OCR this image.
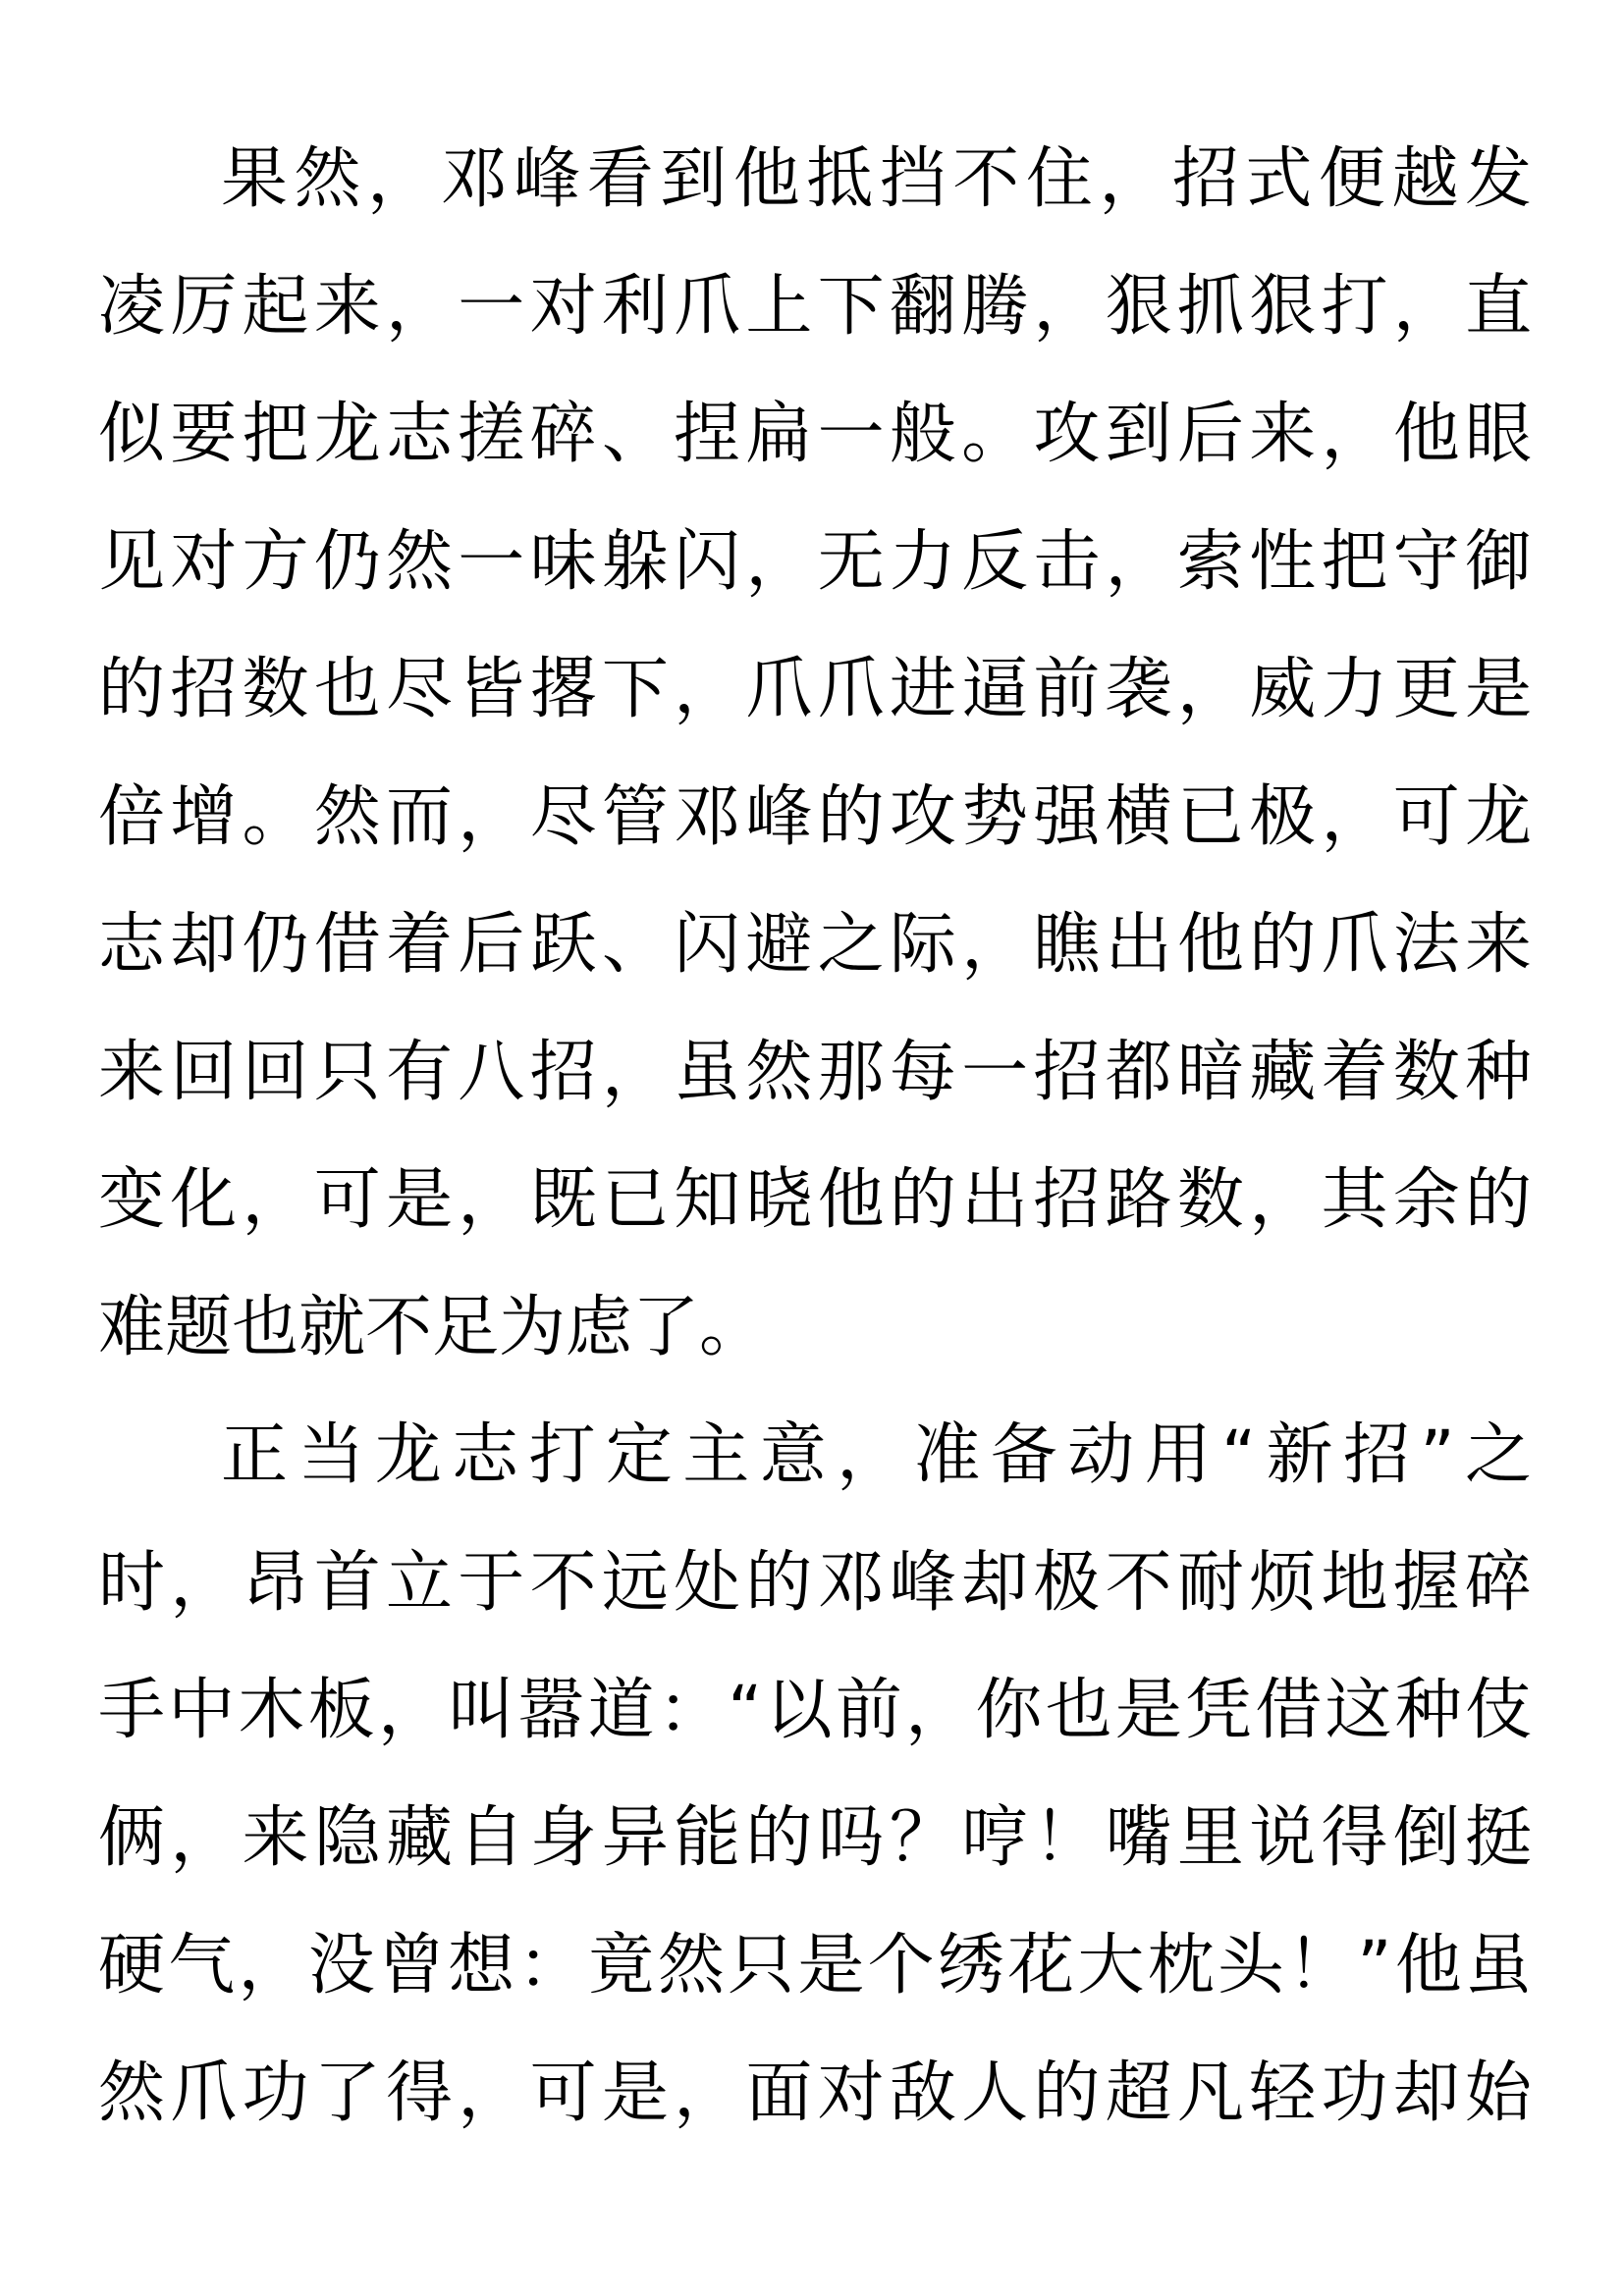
果然，邓峰看到他抵挡不住，招式便越发
凌厉起来，一对利爪上下翻腾，狠抓狠打，直
似要把龙志搓碎、捏扁一般。攻到后来，他眼
见对方仍然一味躲闪，无力反击，索性把守御
的招数也尽皆撂下，爪爪进逼前袭，威力更是
倍增。然而，尽管邓峰的攻势强横已极，可龙
志却仍借着后跃、闪避之际，瞧出他的爪法来
来回回只有八招，虽然那每一招都暗藏着数种
变化，可是，既已知晓他的出招路数，其余的
难题也就不足为虑了。
正当龙志打定主意，准备动用“新招”之
时，昂首立于不远处的邓峰却极不耐烦地握碎
手中木板，叫嚣道：“以前，你也是凭借这种伎
俩，来隐藏自身异能的吗？哼！嘴里说得倒挺
硬气，没曾想：竟然只是个绣花大枕头！”他虽
然爪功了得，可是，面对敌人的超凡轻功却始
